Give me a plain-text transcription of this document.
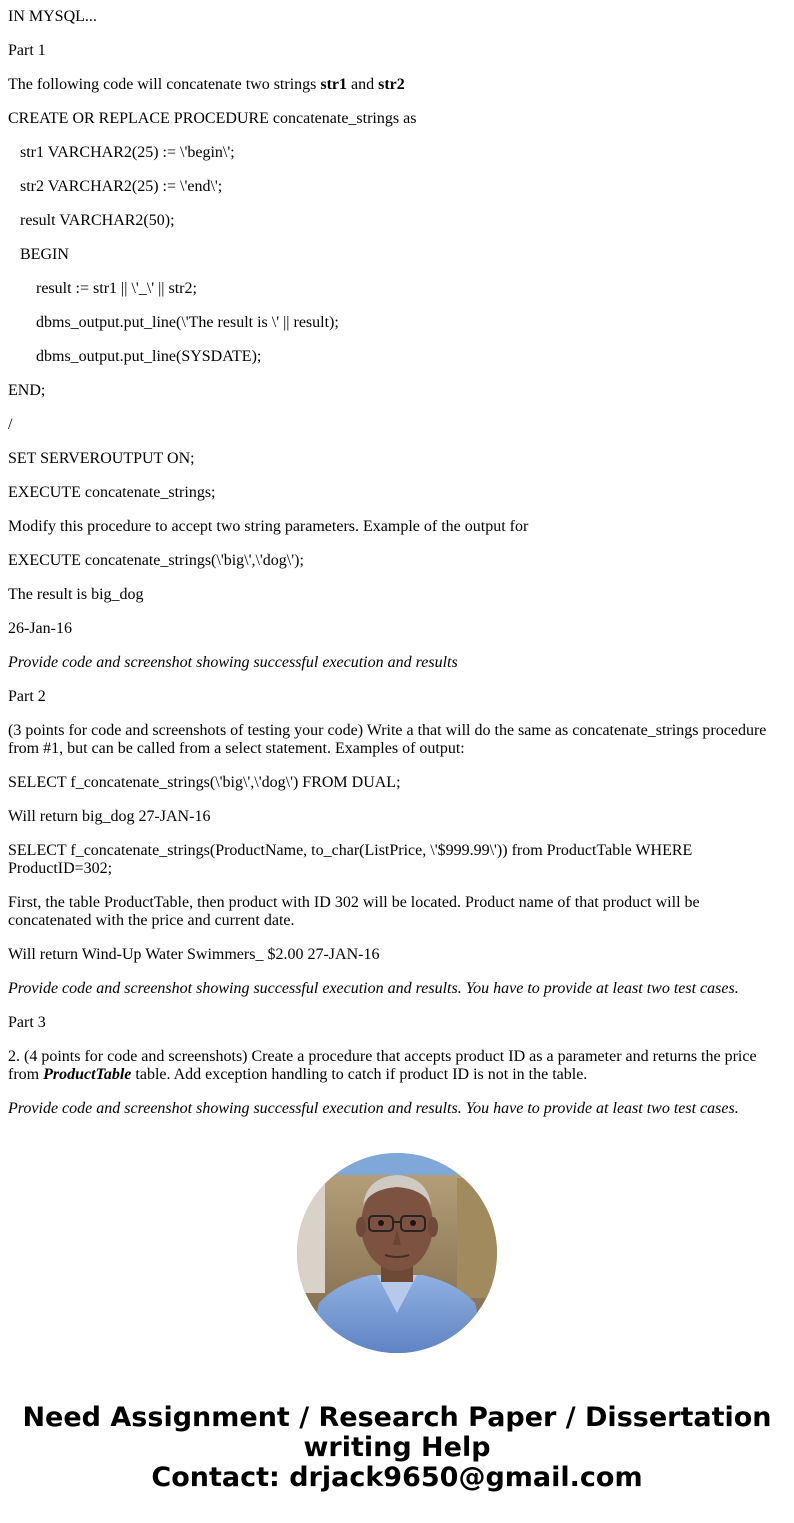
IN MYSQL...

Part 1

The following code will concatenate two strings str1 and str2

CREATE OR REPLACE PROCEDURE concatenate_strings as

str1 VARCHAR2(25) := \'begin\';

str2 VARCHAR2(25) := \'end\';

result VARCHAR2(50);

BEGIN

result := str1 || \'_\' || str2;

dbms_output.put_line(\'The result is \' || result);

dbms_output.put_line(SYSDATE);

END;

/

SET SERVEROUTPUT ON;

EXECUTE concatenate_strings;

Modify this procedure to accept two string parameters. Example of the output for

EXECUTE concatenate_strings(\'big\',\'dog\');

The result is big_dog

26-Jan-16

Provide code and screenshot showing successful execution and results

Part 2

(3 points for code and screenshots of testing your code) Write a that will do the same as concatenate_strings procedure from #1, but can be called from a select statement. Examples of output:

SELECT f_concatenate_strings(\'big\',\'dog\') FROM DUAL;

Will return big_dog 27-JAN-16

SELECT f_concatenate_strings(ProductName, to_char(ListPrice, \'$999.99\')) from ProductTable WHERE ProductID=302;

First, the table ProductTable, then product with ID 302 will be located. Product name of that product will be concatenated with the price and current date.

Will return Wind-Up Water Swimmers_ $2.00 27-JAN-16

Provide code and screenshot showing successful execution and results. You have to provide at least two test cases.

Part 3

2. (4 points for code and screenshots) Create a procedure that accepts product ID as a parameter and returns the price from ProductTable table. Add exception handling to catch if product ID is not in the table.

Provide code and screenshot showing successful execution and results. You have to provide at least two test cases.

Need Assignment / Research Paper / Dissertation writing Help
Contact: drjack9650@gmail.com
